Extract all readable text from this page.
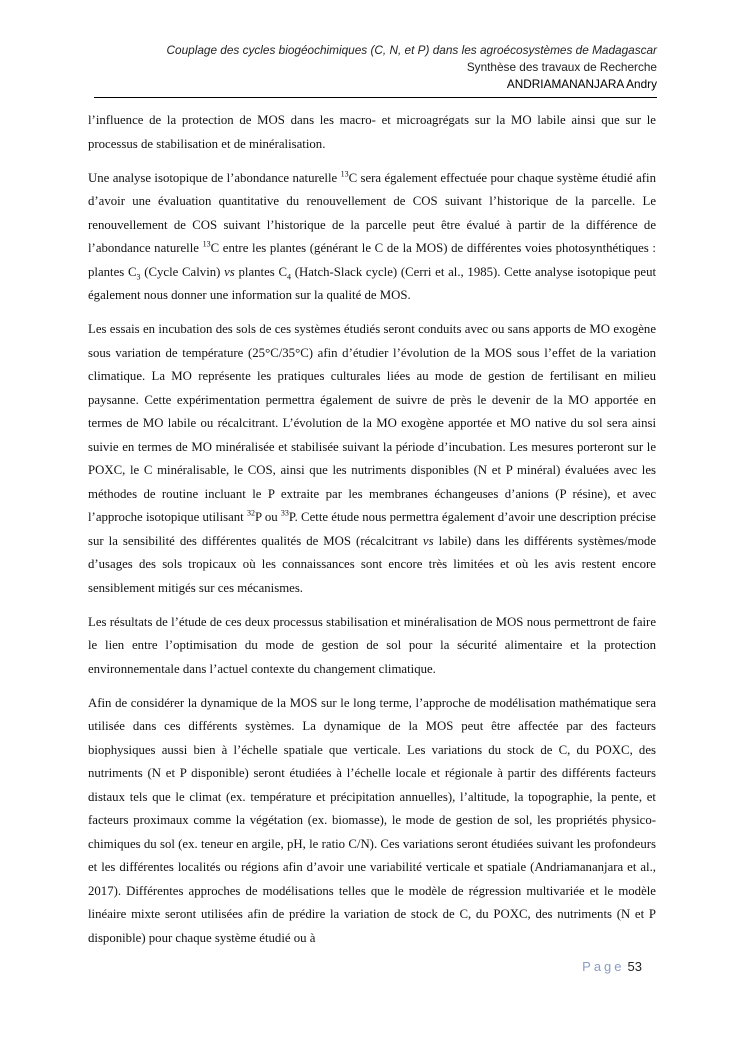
Couplage des cycles biogéochimiques (C, N, et P) dans les agroécosystèmes de Madagascar
Synthèse des travaux de Recherche
ANDRIAMANANJARA Andry

l’influence de la protection de MOS dans les macro- et microagrégats sur la MO labile ainsi que sur le processus de stabilisation et de minéralisation.

Une analyse isotopique de l’abondance naturelle $^{13}$C sera également effectuée pour chaque système étudié afin d’avoir une évaluation quantitative du renouvellement de COS suivant l’historique de la parcelle. Le renouvellement de COS suivant l’historique de la parcelle peut être évalué à partir de la différence de l’abondance naturelle $^{13}$C entre les plantes (générant le C de la MOS) de différentes voies photosynthétiques : plantes $C_3$ (Cycle Calvin) vs plantes $C_4$ (Hatch-Slack cycle) (Cerri et al., 1985). Cette analyse isotopique peut également nous donner une information sur la qualité de MOS.

Les essais en incubation des sols de ces systèmes étudiés seront conduits avec ou sans apports de MO exogène sous variation de température (25°C/35°C) afin d’étudier l’évolution de la MOS sous l’effet de la variation climatique. La MO représente les pratiques culturales liées au mode de gestion de fertilisant en milieu paysanne. Cette expérimentation permettra également de suivre de près le devenir de la MO apportée en termes de MO labile ou récalcitrant. L’évolution de la MO exogène apportée et MO native du sol sera ainsi suivie en termes de MO minéralisée et stabilisée suivant la période d’incubation. Les mesures porteront sur le POXC, le C minéralisable, le COS, ainsi que les nutriments disponibles (N et P minéral) évaluées avec les méthodes de routine incluant le P extraite par les membranes échangeuses d’anions (P résine), et avec l’approche isotopique utilisant $^{32}$P ou $^{33}$P. Cette étude nous permettra également d’avoir une description précise sur la sensibilité des différentes qualités de MOS (récalcitrant vs labile) dans les différents systèmes/mode d’usages des sols tropicaux où les connaissances sont encore très limitées et où les avis restent encore sensiblement mitigés sur ces mécanismes.

Les résultats de l’étude de ces deux processus stabilisation et minéralisation de MOS nous permettront de faire le lien entre l’optimisation du mode de gestion de sol pour la sécurité alimentaire et la protection environnementale dans l’actuel contexte du changement climatique.

Afin de considérer la dynamique de la MOS sur le long terme, l’approche de modélisation mathématique sera utilisée dans ces différents systèmes. La dynamique de la MOS peut être affectée par des facteurs biophysiques aussi bien à l’échelle spatiale que verticale. Les variations du stock de C, du POXC, des nutriments (N et P disponible) seront étudiées à l’échelle locale et régionale à partir des différents facteurs distaux tels que le climat (ex. température et précipitation annuelles), l’altitude, la topographie, la pente, et facteurs proximaux comme la végétation (ex. biomasse), le mode de gestion de sol, les propriétés physico-chimiques du sol (ex. teneur en argile, pH, le ratio C/N). Ces variations seront étudiées suivant les profondeurs et les différentes localités ou régions afin d’avoir une variabilité verticale et spatiale (Andriamananjara et al., 2017). Différentes approches de modélisations telles que le modèle de régression multivariée et le modèle linéaire mixte seront utilisées afin de prédire la variation de stock de C, du POXC, des nutriments (N et P disponible) pour chaque système étudié ou à

Page 53
